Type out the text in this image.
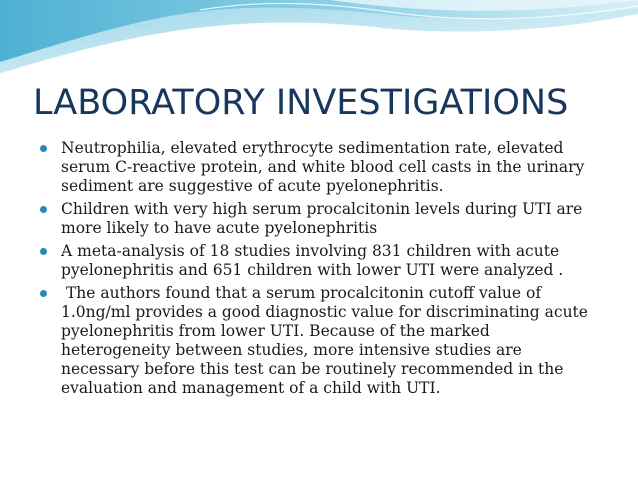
LABORATORY INVESTIGATIONS
Neutrophilia, elevated erythrocyte sedimentation rate, elevated serum C-reactive protein, and white blood cell casts in the urinary sediment are suggestive of acute pyelonephritis.
Children with very high serum procalcitonin levels during UTI are more likely to have acute pyelonephritis
A meta-analysis of 18 studies involving 831 children with acute pyelonephritis and 651 children with lower UTI were analyzed .
The authors found that a serum procalcitonin cutoff value of 1.0ng/ml provides a good diagnostic value for discriminating acute pyelonephritis from lower UTI. Because of the marked heterogeneity between studies, more intensive studies are necessary before this test can be routinely recommended in the evaluation and management of a child with UTI.
